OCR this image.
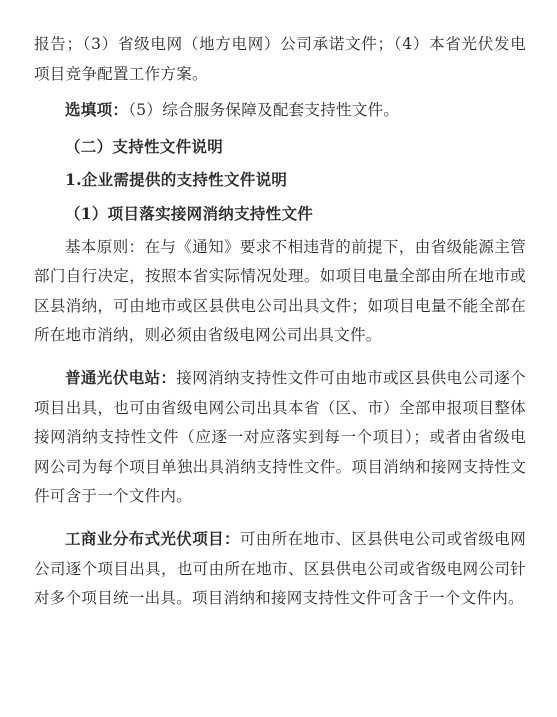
报告；（3）省级电网（地方电网）公司承诺文件；（4）本省光伏发电项目竞争配置工作方案。

选填项：（5）综合服务保障及配套支持性文件。

（二）支持性文件说明

1.企业需提供的支持性文件说明

（1）项目落实接网消纳支持性文件

基本原则：在与《通知》要求不相违背的前提下，由省级能源主管部门自行决定，按照本省实际情况处理。如项目电量全部由所在地市或区县消纳，可由地市或区县供电公司出具文件；如项目电量不能全部在所在地市消纳，则必须由省级电网公司出具文件。

普通光伏电站：接网消纳支持性文件可由地市或区县供电公司逐个项目出具，也可由省级电网公司出具本省（区、市）全部申报项目整体接网消纳支持性文件（应逐一对应落实到每一个项目）；或者由省级电网公司为每个项目单独出具消纳支持性文件。项目消纳和接网支持性文件可含于一个文件内。

工商业分布式光伏项目：可由所在地市、区县供电公司或省级电网公司逐个项目出具，也可由所在地市、区县供电公司或省级电网公司针对多个项目统一出具。项目消纳和接网支持性文件可含于一个文件内。
